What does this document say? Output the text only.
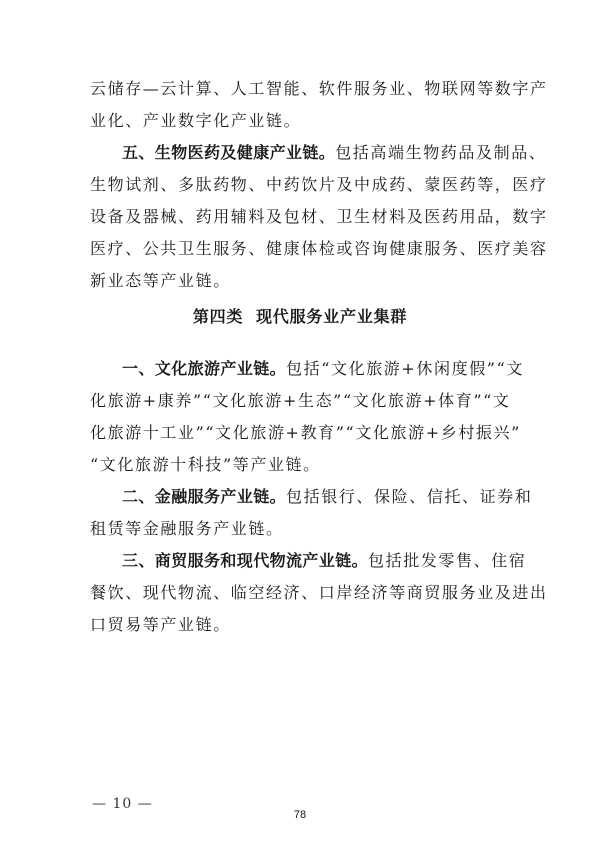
云储存—云计算、人工智能、软件服务业、物联网等数字产
业化、产业数字化产业链。
五、生物医药及健康产业链。包括高端生物药品及制品、
生物试剂、多肽药物、中药饮片及中成药、蒙医药等，医疗
设备及器械、药用辅料及包材、卫生材料及医药用品，数字
医疗、公共卫生服务、健康体检或咨询健康服务、医疗美容
新业态等产业链。
第四类  现代服务业产业集群
一、文化旅游产业链。包括“文化旅游+休闲度假”“文
化旅游+康养”“文化旅游+生态”“文化旅游+体育”“文
化旅游十工业”“文化旅游+教育”“文化旅游+乡村振兴”
“文化旅游十科技”等产业链。
二、金融服务产业链。包括银行、保险、信托、证券和
租赁等金融服务产业链。
三、商贸服务和现代物流产业链。包括批发零售、住宿
餐饮、现代物流、临空经济、口岸经济等商贸服务业及进出
口贸易等产业链。
— 10 —
78
